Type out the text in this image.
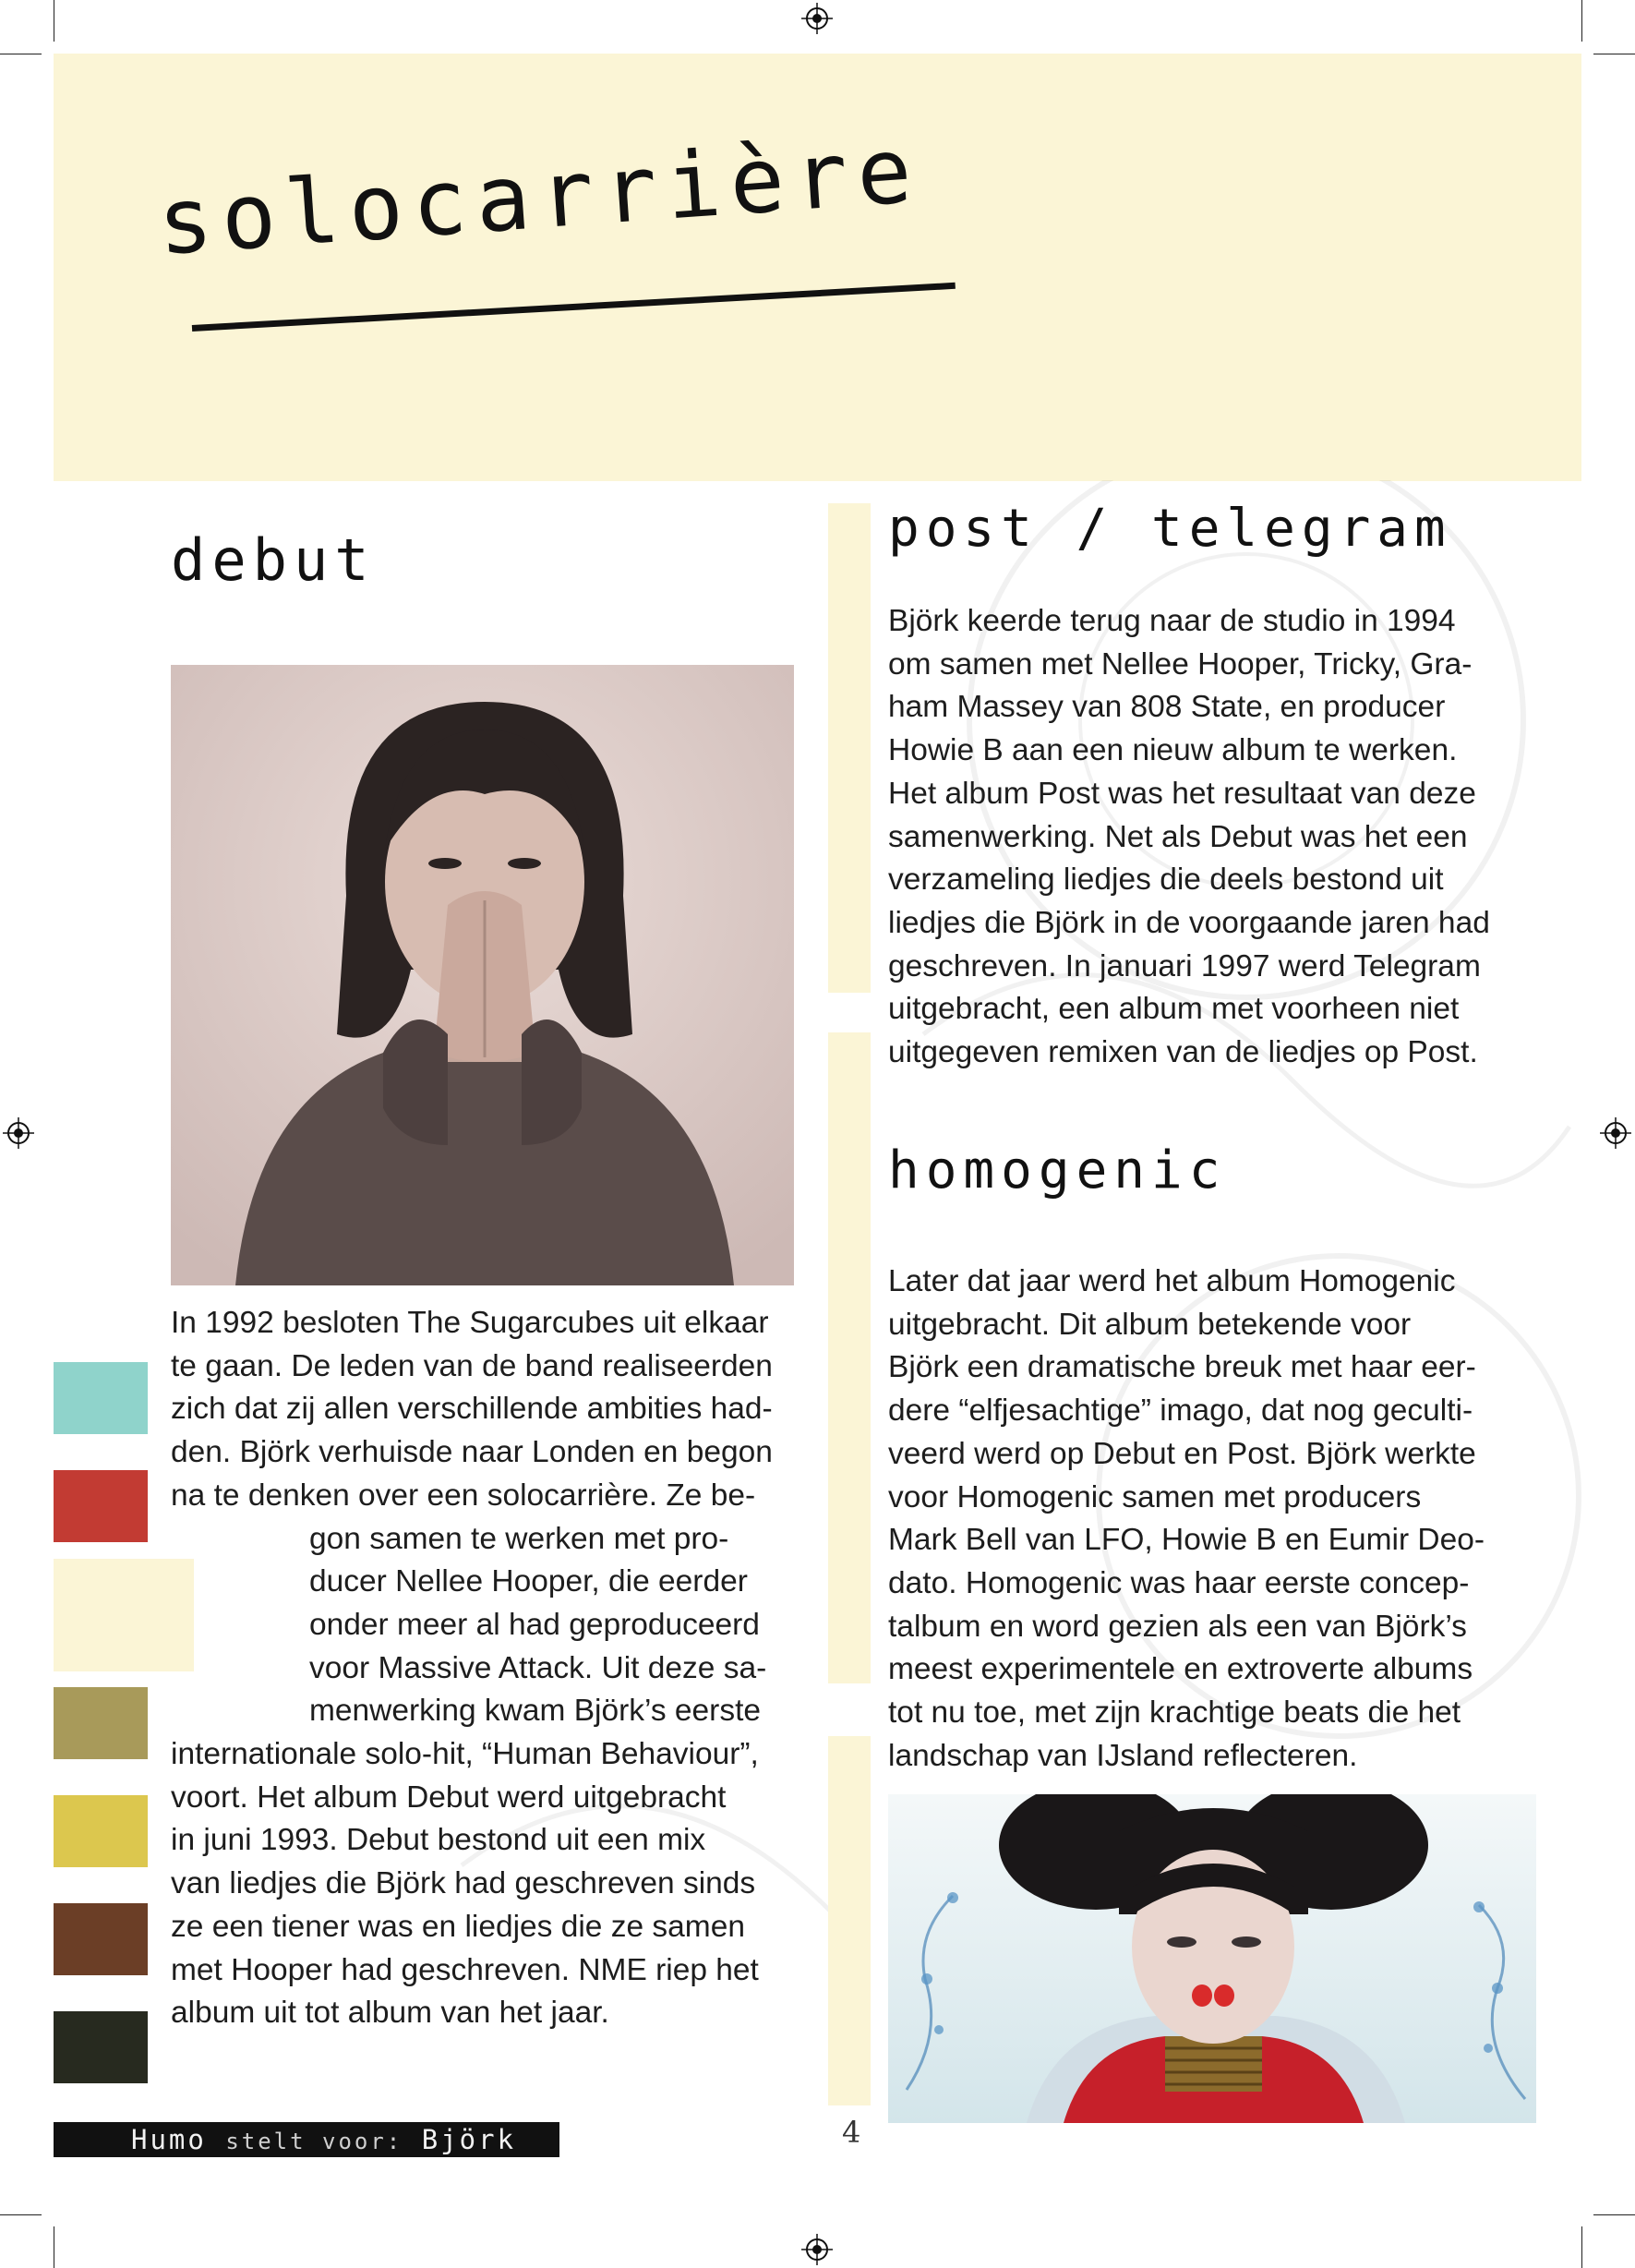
solocarrière
debut
In 1992 besloten The Sugarcubes uit elkaar
te gaan. De leden van de band realiseerden
zich dat zij allen verschillende ambities had-
den. Björk verhuisde naar Londen en begon
na te denken over een solocarrière. Ze be-
gon samen te werken met pro-
ducer Nellee Hooper, die eerder
onder meer al had geproduceerd
voor Massive Attack. Uit deze sa-
menwerking kwam Björk’s eerste
internationale solo-hit, “Human Behaviour”,
voort. Het album Debut werd uitgebracht
in juni 1993. Debut bestond uit een mix
van liedjes die Björk had geschreven sinds
ze een tiener was en liedjes die ze samen
met Hooper had geschreven. NME riep het
album uit tot album van het jaar.
post / telegram
Björk keerde terug naar de studio in 1994
om samen met Nellee Hooper, Tricky, Gra-
ham Massey van 808 State, en producer
Howie B aan een nieuw album te werken.
Het album Post was het resultaat van deze
samenwerking. Net als Debut was het een
verzameling liedjes die deels bestond uit
liedjes die Björk in de voorgaande jaren had
geschreven. In januari 1997 werd Telegram
uitgebracht, een album met voorheen niet
uitgegeven remixen van de liedjes op Post.
homogenic
Later dat jaar werd het album Homogenic
uitgebracht. Dit album betekende voor
Björk een dramatische breuk met haar eer-
dere “elfjesachtige” imago, dat nog geculti-
veerd werd op Debut en Post. Björk werkte
voor Homogenic samen met producers
Mark Bell van LFO, Howie B en Eumir Deo-
dato. Homogenic was haar eerste concep-
talbum en word gezien als een van Björk’s
meest experimentele en extroverte albums
tot nu toe, met zijn krachtige beats die het
landschap van IJsland reflecteren.

Humo stelt voor: Björk	4
